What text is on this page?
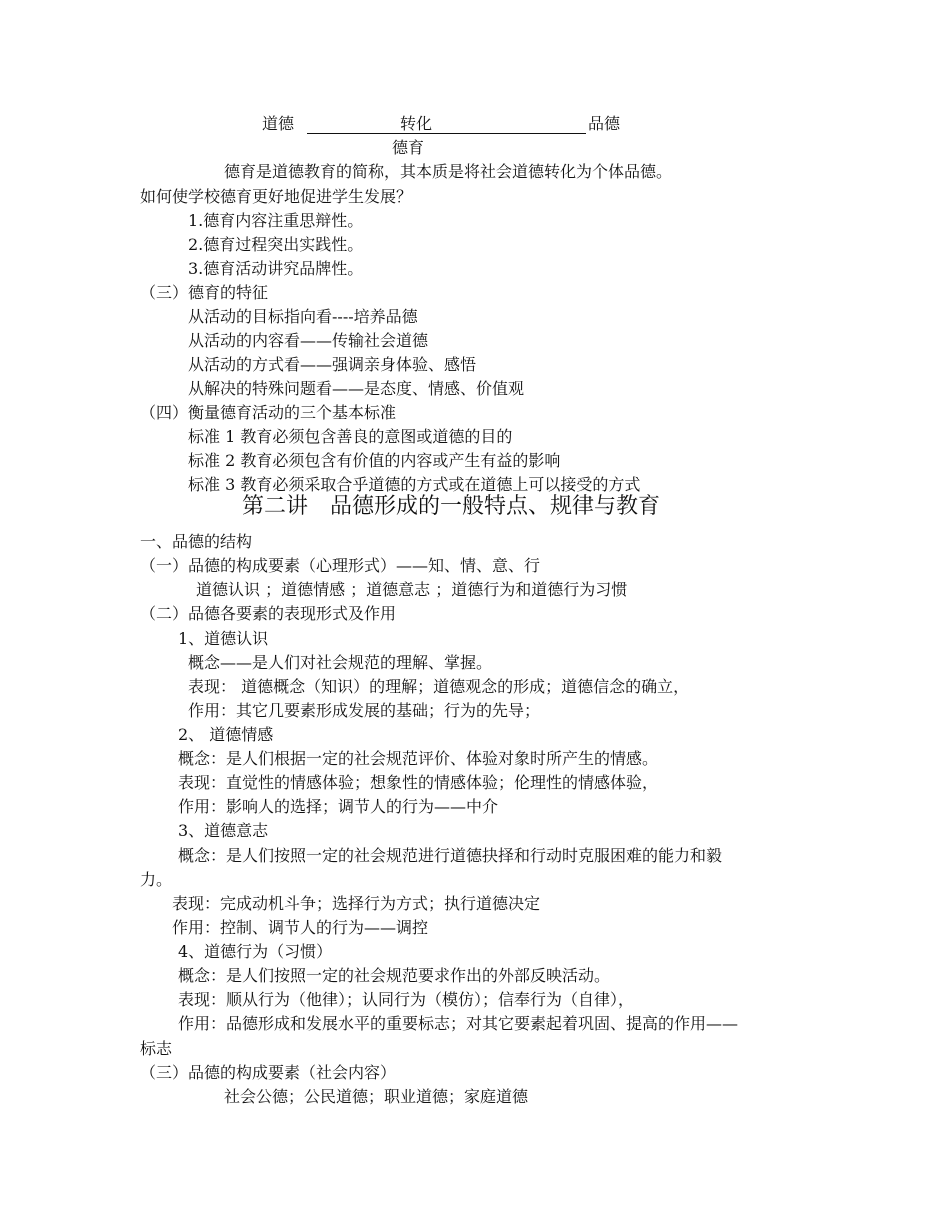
道德	转化	品德
德育
德育是道德教育的简称，其本质是将社会道德转化为个体品德。
如何使学校德育更好地促进学生发展？
1.德育内容注重思辩性。
2.德育过程突出实践性。
3.德育活动讲究品牌性。
（三）德育的特征
从活动的目标指向看----培养品德
从活动的内容看——传输社会道德
从活动的方式看——强调亲身体验、感悟
从解决的特殊问题看——是态度、情感、价值观
（四）衡量德育活动的三个基本标准
标准 1 教育必须包含善良的意图或道德的目的
标准 2 教育必须包含有价值的内容或产生有益的影响
标准 3 教育必须采取合乎道德的方式或在道德上可以接受的方式
第二讲　品德形成的一般特点、规律与教育
一、品德的结构
（一）品德的构成要素（心理形式）——知、情、意、行
道德认识 ；道德情感 ；道德意志 ；道德行为和道德行为习惯
（二）品德各要素的表现形式及作用
1、道德认识
概念——是人们对社会规范的理解、掌握。
表现： 道德概念（知识）的理解；道德观念的形成；道德信念的确立，
作用：其它几要素形成发展的基础；行为的先导；
2、 道德情感
概念：是人们根据一定的社会规范评价、体验对象时所产生的情感。
表现：直觉性的情感体验；想象性的情感体验；伦理性的情感体验，
作用：影响人的选择；调节人的行为——中介
3、道德意志
概念：是人们按照一定的社会规范进行道德抉择和行动时克服困难的能力和毅
力。
表现：完成动机斗争；选择行为方式；执行道德决定
作用：控制、调节人的行为——调控
4、道德行为（习惯）
概念：是人们按照一定的社会规范要求作出的外部反映活动。
表现：顺从行为（他律）；认同行为（模仿）；信奉行为（自律），
作用：品德形成和发展水平的重要标志；对其它要素起着巩固、提高的作用——
标志
（三）品德的构成要素（社会内容）
社会公德；公民道德；职业道德；家庭道德
